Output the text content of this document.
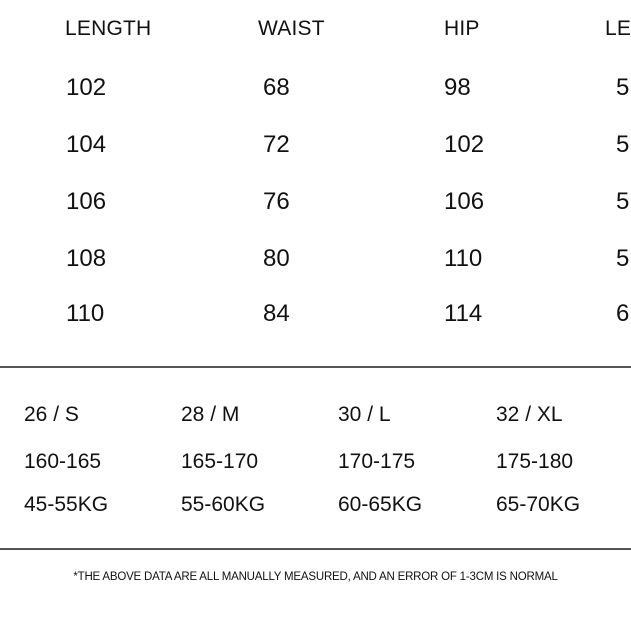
LENGTH	WAIST	HIP	LE
102	68	98	5
104	72	102	5
106	76	106	5
108	80	110	5
110	84	114	6
26 / S	28 / M	30 / L	32 / XL
160-165	165-170	170-175	175-180
45-55KG	55-60KG	60-65KG	65-70KG
*THE ABOVE DATA ARE ALL MANUALLY MEASURED, AND AN ERROR OF 1-3CM IS NORMAL
